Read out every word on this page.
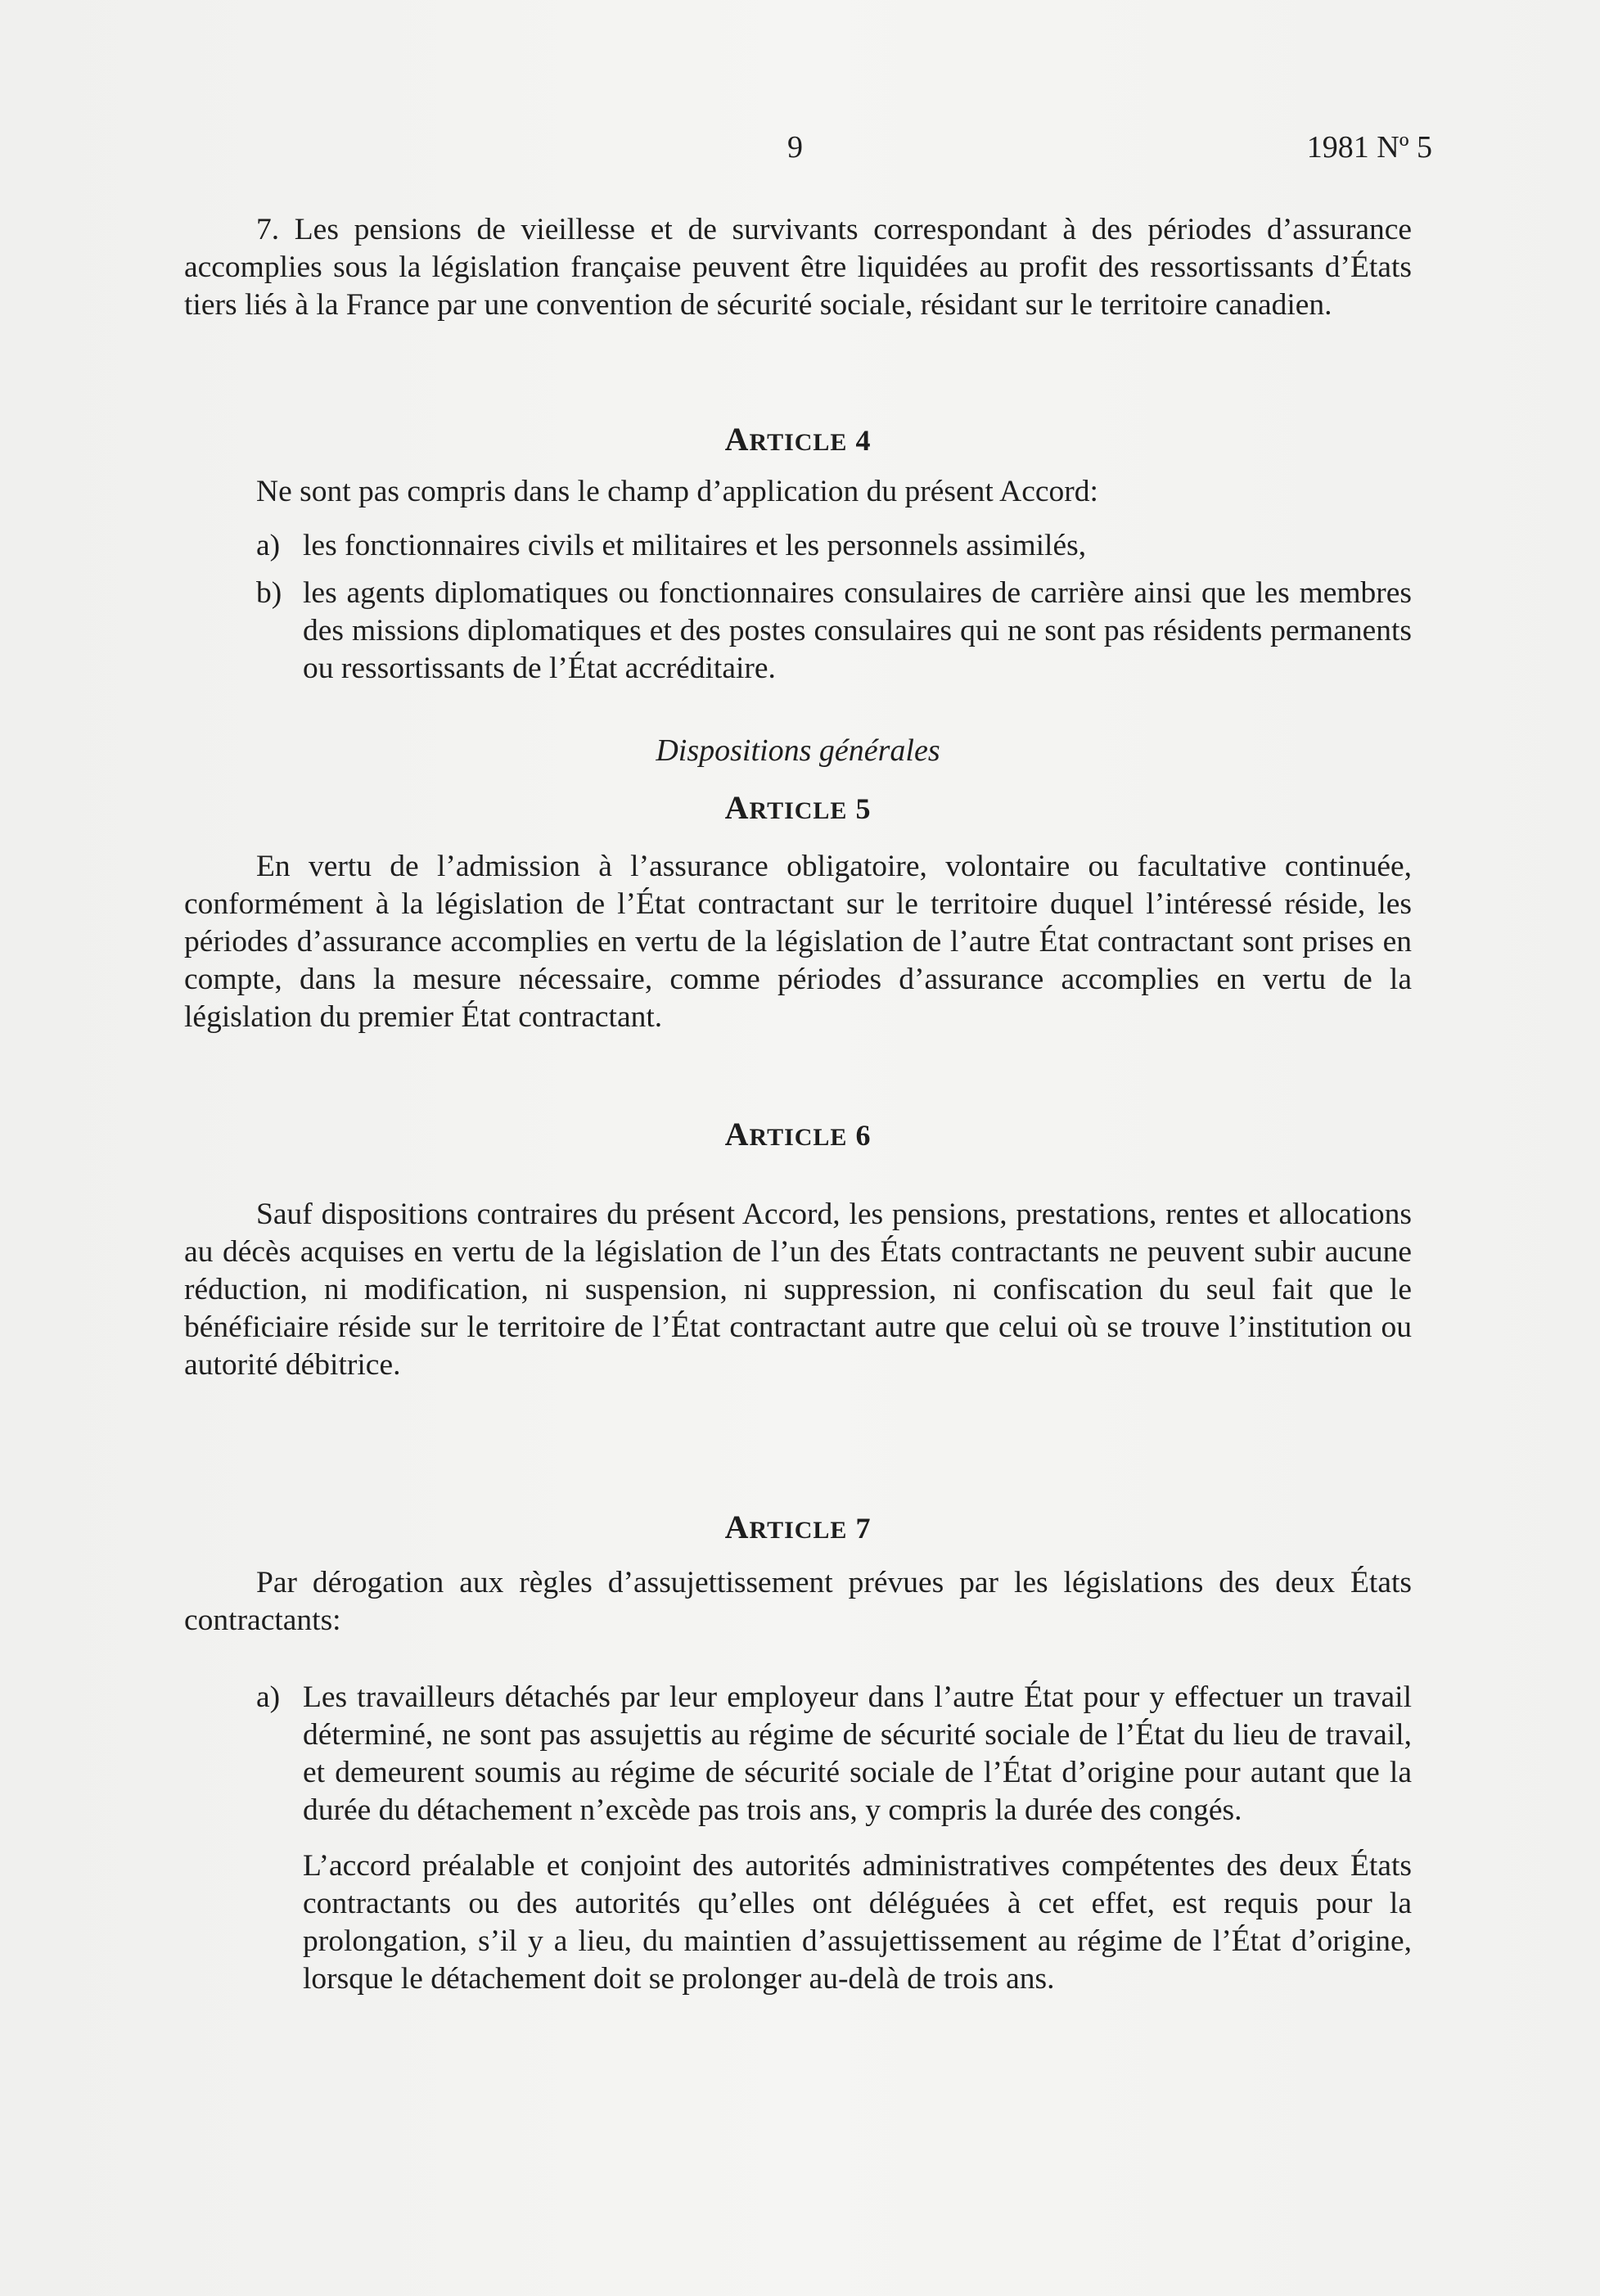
9	1981 Nº 5

7. Les pensions de vieillesse et de survivants correspondant à des périodes d’assurance accomplies sous la législation française peuvent être liquidées au profit des ressortissants d’États tiers liés à la France par une convention de sécurité sociale, résidant sur le territoire canadien.

ARTICLE 4

Ne sont pas compris dans le champ d’application du présent Accord:

a) les fonctionnaires civils et militaires et les personnels assimilés,
b) les agents diplomatiques ou fonctionnaires consulaires de carrière ainsi que les membres des missions diplomatiques et des postes consulaires qui ne sont pas résidents permanents ou ressortissants de l’État accréditaire.
Dispositions générales
ARTICLE 5

En vertu de l’admission à l’assurance obligatoire, volontaire ou facultative continuée, conformément à la législation de l’État contractant sur le territoire duquel l’intéressé réside, les périodes d’assurance accomplies en vertu de la législation de l’autre État contractant sont prises en compte, dans la mesure nécessaire, comme périodes d’assurance accomplies en vertu de la législation du premier État contractant.

ARTICLE 6

Sauf dispositions contraires du présent Accord, les pensions, prestations, rentes et allocations au décès acquises en vertu de la législation de l’un des États contractants ne peuvent subir aucune réduction, ni modification, ni suspension, ni suppression, ni confiscation du seul fait que le bénéficiaire réside sur le territoire de l’État contractant autre que celui où se trouve l’institution ou autorité débitrice.

ARTICLE 7

Par dérogation aux règles d’assujettissement prévues par les législations des deux États contractants:

a) Les travailleurs détachés par leur employeur dans l’autre État pour y effectuer un travail déterminé, ne sont pas assujettis au régime de sécurité sociale de l’État du lieu de travail, et demeurent soumis au régime de sécurité sociale de l’État d’origine pour autant que la durée du détachement n’excède pas trois ans, y compris la durée des congés.

L’accord préalable et conjoint des autorités administratives compétentes des deux États contractants ou des autorités qu’elles ont déléguées à cet effet, est requis pour la prolongation, s’il y a lieu, du maintien d’assujettissement au régime de l’État d’origine, lorsque le détachement doit se prolonger au-delà de trois ans.
